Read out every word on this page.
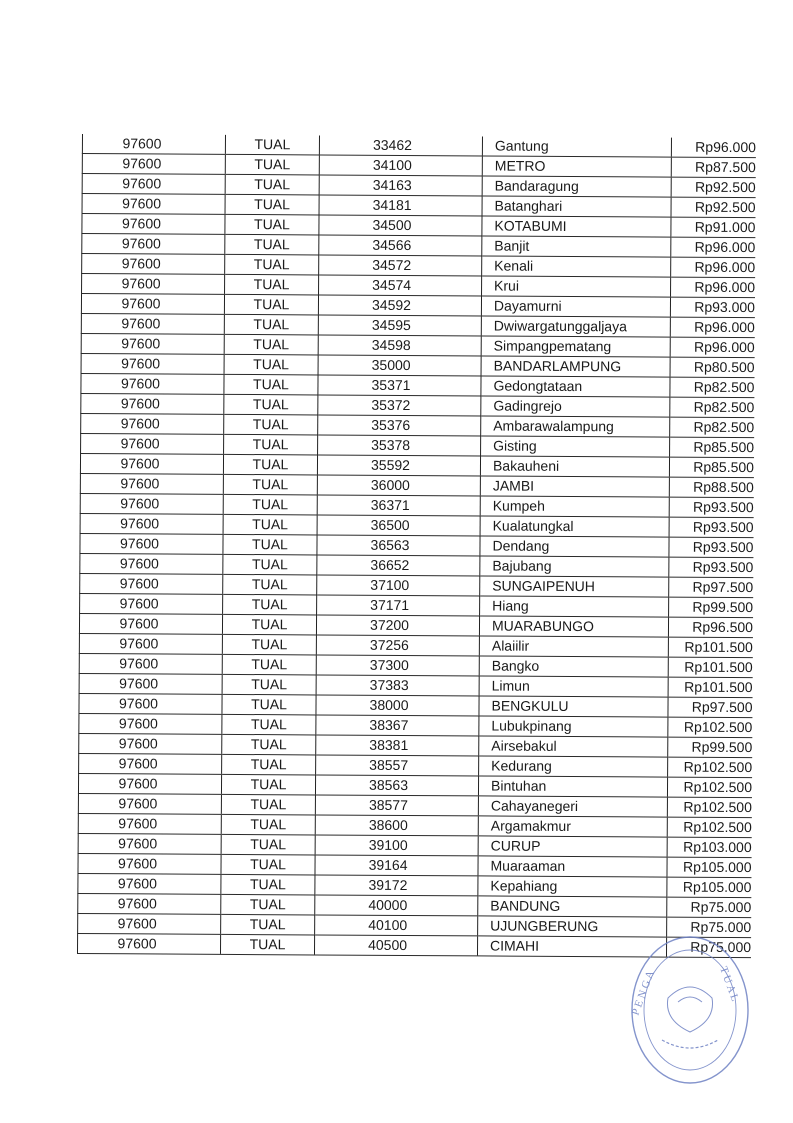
97600	TUAL	33462	Gantung	Rp96.000
97600	TUAL	34100	METRO	Rp87.500
97600	TUAL	34163	Bandaragung	Rp92.500
97600	TUAL	34181	Batanghari	Rp92.500
97600	TUAL	34500	KOTABUMI	Rp91.000
97600	TUAL	34566	Banjit	Rp96.000
97600	TUAL	34572	Kenali	Rp96.000
97600	TUAL	34574	Krui	Rp96.000
97600	TUAL	34592	Dayamurni	Rp93.000
97600	TUAL	34595	Dwiwargatunggaljaya	Rp96.000
97600	TUAL	34598	Simpangpematang	Rp96.000
97600	TUAL	35000	BANDARLAMPUNG	Rp80.500
97600	TUAL	35371	Gedongtataan	Rp82.500
97600	TUAL	35372	Gadingrejo	Rp82.500
97600	TUAL	35376	Ambarawalampung	Rp82.500
97600	TUAL	35378	Gisting	Rp85.500
97600	TUAL	35592	Bakauheni	Rp85.500
97600	TUAL	36000	JAMBI	Rp88.500
97600	TUAL	36371	Kumpeh	Rp93.500
97600	TUAL	36500	Kualatungkal	Rp93.500
97600	TUAL	36563	Dendang	Rp93.500
97600	TUAL	36652	Bajubang	Rp93.500
97600	TUAL	37100	SUNGAIPENUH	Rp97.500
97600	TUAL	37171	Hiang	Rp99.500
97600	TUAL	37200	MUARABUNGO	Rp96.500
97600	TUAL	37256	Alaiilir	Rp101.500
97600	TUAL	37300	Bangko	Rp101.500
97600	TUAL	37383	Limun	Rp101.500
97600	TUAL	38000	BENGKULU	Rp97.500
97600	TUAL	38367	Lubukpinang	Rp102.500
97600	TUAL	38381	Airsebakul	Rp99.500
97600	TUAL	38557	Kedurang	Rp102.500
97600	TUAL	38563	Bintuhan	Rp102.500
97600	TUAL	38577	Cahayanegeri	Rp102.500
97600	TUAL	38600	Argamakmur	Rp102.500
97600	TUAL	39100	CURUP	Rp103.000
97600	TUAL	39164	Muaraaman	Rp105.000
97600	TUAL	39172	Kepahiang	Rp105.000
97600	TUAL	40000	BANDUNG	Rp75.000
97600	TUAL	40100	UJUNGBERUNG	Rp75.000
97600	TUAL	40500	CIMAHI	Rp75.000
P E N G A	T U A L
